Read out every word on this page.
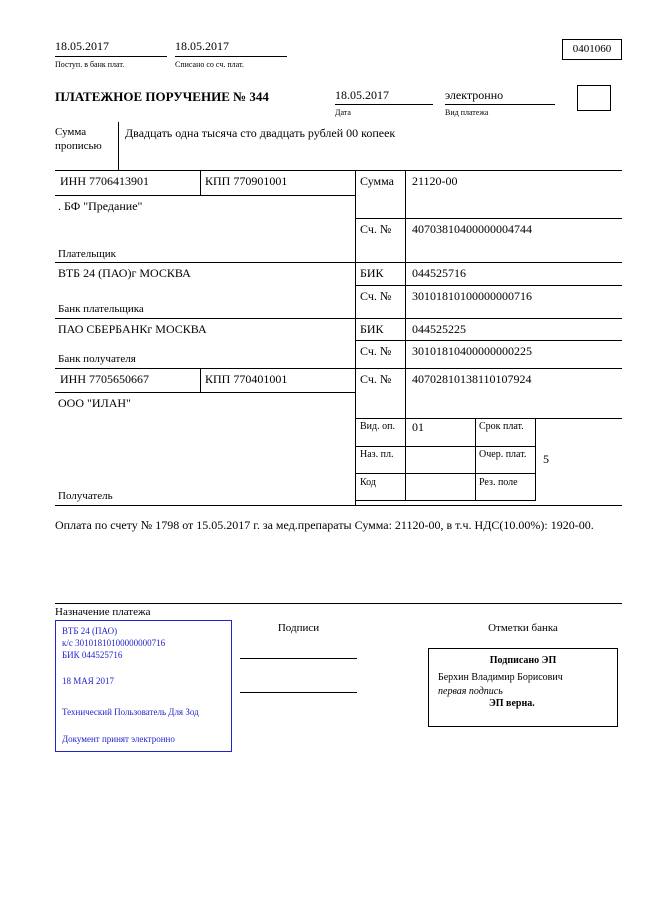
18.05.2017
Поступ. в банк плат.
18.05.2017
Списано со сч. плат.
0401060
ПЛАТЕЖНОЕ ПОРУЧЕНИЕ № 344	18.05.2017
Дата
электронно
Вид платежа
Сумма прописью
Двадцать одна тысяча сто двадцать рублей 00 копеек
ИНН 7706413901	КПП 770901001	Сумма 21120-00
. БФ "Предание"
Сч. № 40703810400000004744
Плательщик
ВТБ 24 (ПАО)г МОСКВА	БИК 044525716
Сч. № 30101810100000000716
Банк плательщика
ПАО СБЕРБАНКг МОСКВА	БИК 044525225
Сч. № 30101810400000000225
Банк получателя
ИНН 7705650667	КПП 770401001	Сч. № 40702810138110107924
ООО "ИЛАН"
Вид. оп. 01	Срок плат.
Наз. пл.	Очер. плат. 5
Код	Рез. поле
Получатель
Оплата по счету № 1798 от 15.05.2017 г. за мед.препараты Сумма: 21120-00, в т.ч. НДС(10.00%): 1920-00.
Назначение платежа
ВТБ 24 (ПАО)
к/с 30101810100000000716
БИК 044525716
18 МАЯ 2017
Технический Пользователь Для Зод
Документ принят электронно
Подписи	Отметки банка
Подписано ЭП
Берхин Владимир Борисович
первая подпись
ЭП верна.
